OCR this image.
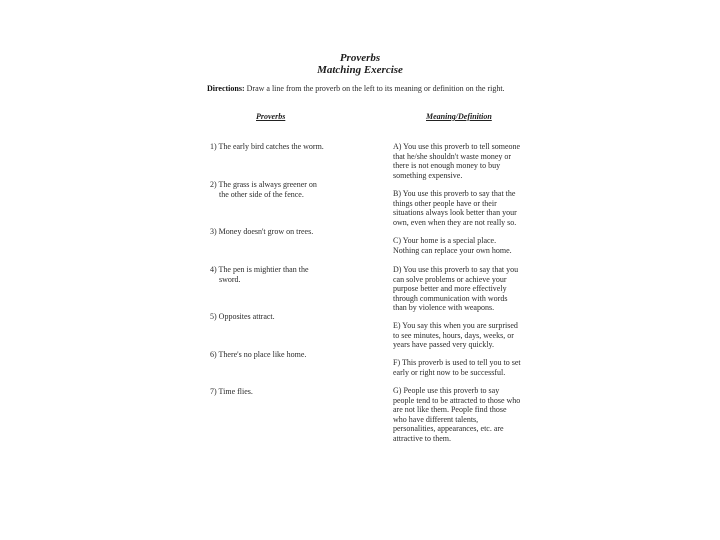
Proverbs
Matching Exercise
Directions: Draw a line from the proverb on the left to its meaning or definition on the right.
Proverbs	Meaning/Definition
1) The early bird catches the worm.
2) The grass is always greener on
the other side of the fence.
3) Money doesn't grow on trees.
4) The pen is mightier than the
sword.
5) Opposites attract.
6) There's no place like home.
7) Time flies.
A) You use this proverb to tell someone
that he/she shouldn't waste money or
there is not enough money to buy
something expensive.
B) You use this proverb to say that the
things other people have or their
situations always look better than your
own, even when they are not really so.
C) Your home is a special place.
Nothing can replace your own home.
D) You use this proverb to say that you
can solve problems or achieve your
purpose better and more effectively
through communication with words
than by violence with weapons.
E) You say this when you are surprised
to see minutes, hours, days, weeks, or
years have passed very quickly.
F) This proverb is used to tell you to set
early or right now to be successful.
G) People use this proverb to say
people tend to be attracted to those who
are not like them. People find those
who have different talents,
personalities, appearances, etc. are
attractive to them.
